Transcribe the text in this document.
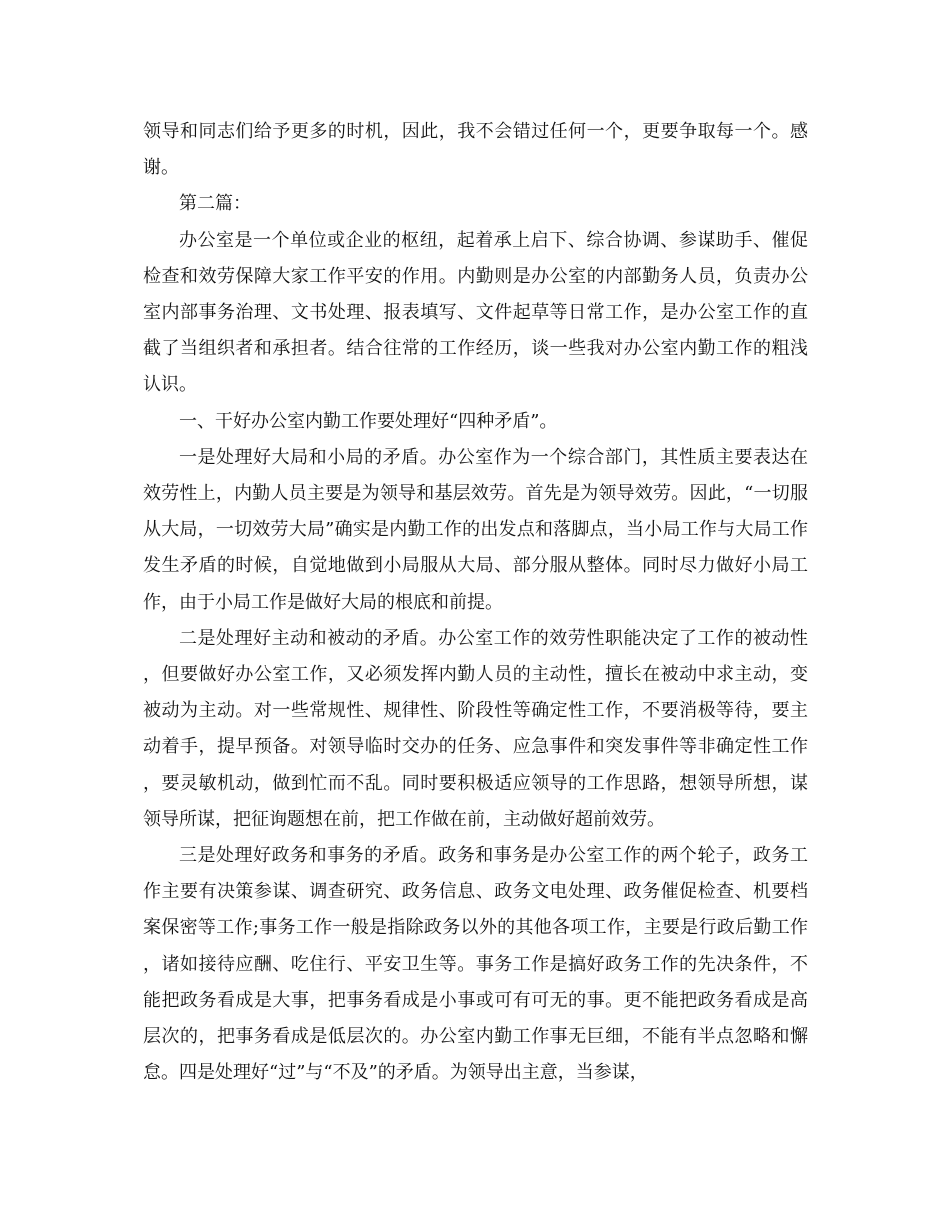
领导和同志们给予更多的时机，因此，我不会错过任何一个，更要争取每一个。感谢。

第二篇：

办公室是一个单位或企业的枢纽，起着承上启下、综合协调、参谋助手、催促检查和效劳保障大家工作平安的作用。内勤则是办公室的内部勤务人员，负责办公室内部事务治理、文书处理、报表填写、文件起草等日常工作，是办公室工作的直截了当组织者和承担者。结合往常的工作经历，谈一些我对办公室内勤工作的粗浅认识。

一、干好办公室内勤工作要处理好“四种矛盾”。

一是处理好大局和小局的矛盾。办公室作为一个综合部门，其性质主要表达在效劳性上，内勤人员主要是为领导和基层效劳。首先是为领导效劳。因此，“一切服从大局，一切效劳大局”确实是内勤工作的出发点和落脚点，当小局工作与大局工作发生矛盾的时候，自觉地做到小局服从大局、部分服从整体。同时尽力做好小局工作，由于小局工作是做好大局的根底和前提。

二是处理好主动和被动的矛盾。办公室工作的效劳性职能决定了工作的被动性，但要做好办公室工作，又必须发挥内勤人员的主动性，擅长在被动中求主动，变被动为主动。对一些常规性、规律性、阶段性等确定性工作，不要消极等待，要主动着手，提早预备。对领导临时交办的任务、应急事件和突发事件等非确定性工作，要灵敏机动，做到忙而不乱。同时要积极适应领导的工作思路，想领导所想，谋领导所谋，把征询题想在前，把工作做在前，主动做好超前效劳。

三是处理好政务和事务的矛盾。政务和事务是办公室工作的两个轮子，政务工作主要有决策参谋、调查研究、政务信息、政务文电处理、政务催促检查、机要档案保密等工作;事务工作一般是指除政务以外的其他各项工作，主要是行政后勤工作，诸如接待应酬、吃住行、平安卫生等。事务工作是搞好政务工作的先决条件，不能把政务看成是大事，把事务看成是小事或可有可无的事。更不能把政务看成是高层次的，把事务看成是低层次的。办公室内勤工作事无巨细，不能有半点忽略和懈怠。四是处理好“过”与“不及”的矛盾。为领导出主意，当参谋，
